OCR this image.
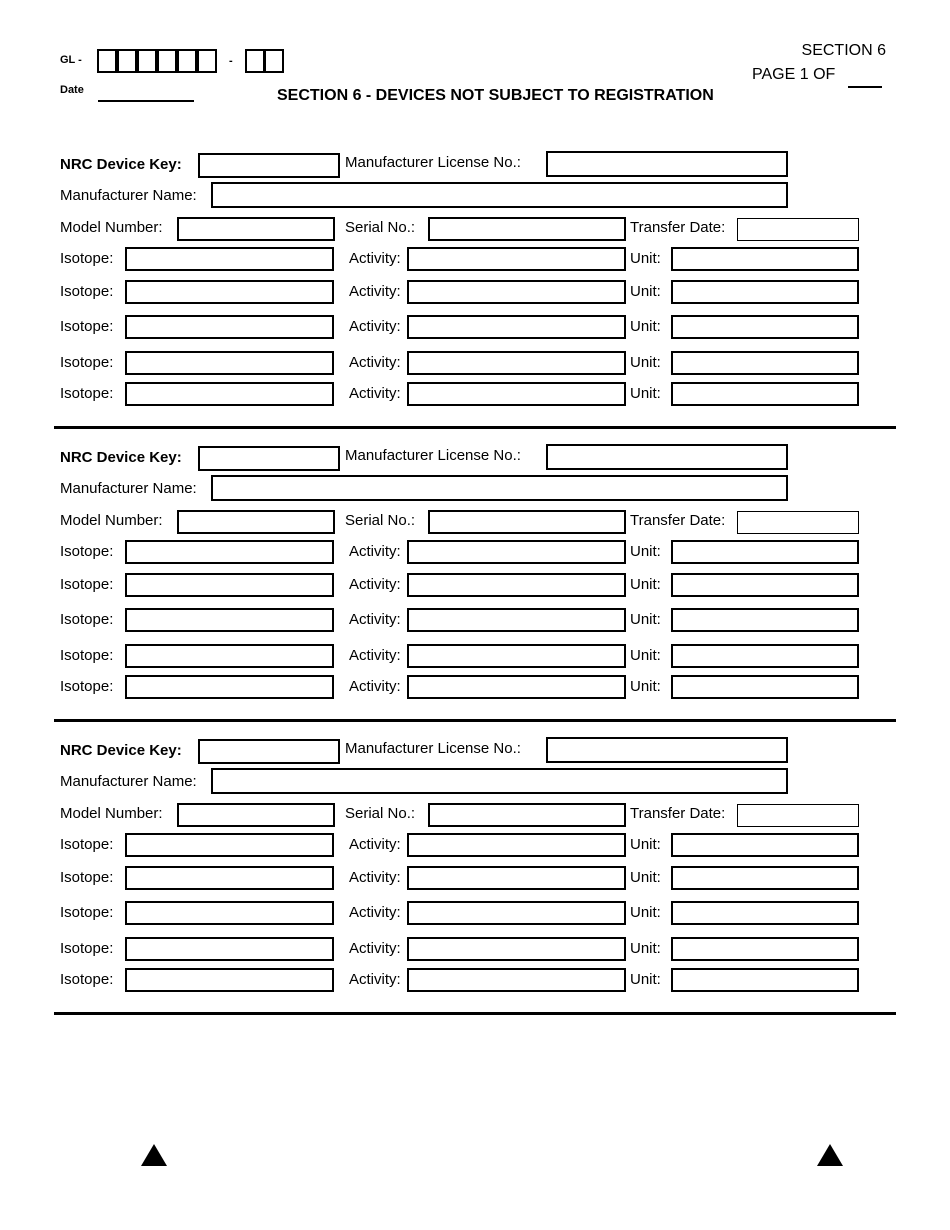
GL -	-
Date
SECTION 6
PAGE 1 OF
SECTION 6 - DEVICES NOT SUBJECT TO REGISTRATION
NRC Device Key:	Manufacturer License No.:
Manufacturer Name:
Model Number:	Serial No.:	Transfer Date:
Isotope:	Activity:	Unit:
Isotope:	Activity:	Unit:
Isotope:	Activity:	Unit:
Isotope:	Activity:	Unit:
Isotope:	Activity:	Unit:
NRC Device Key:	Manufacturer License No.:
Manufacturer Name:
Model Number:	Serial No.:	Transfer Date:
Isotope:	Activity:	Unit:
Isotope:	Activity:	Unit:
Isotope:	Activity:	Unit:
Isotope:	Activity:	Unit:
Isotope:	Activity:	Unit:
NRC Device Key:	Manufacturer License No.:
Manufacturer Name:
Model Number:	Serial No.:	Transfer Date:
Isotope:	Activity:	Unit:
Isotope:	Activity:	Unit:
Isotope:	Activity:	Unit:
Isotope:	Activity:	Unit:
Isotope:	Activity:	Unit:
